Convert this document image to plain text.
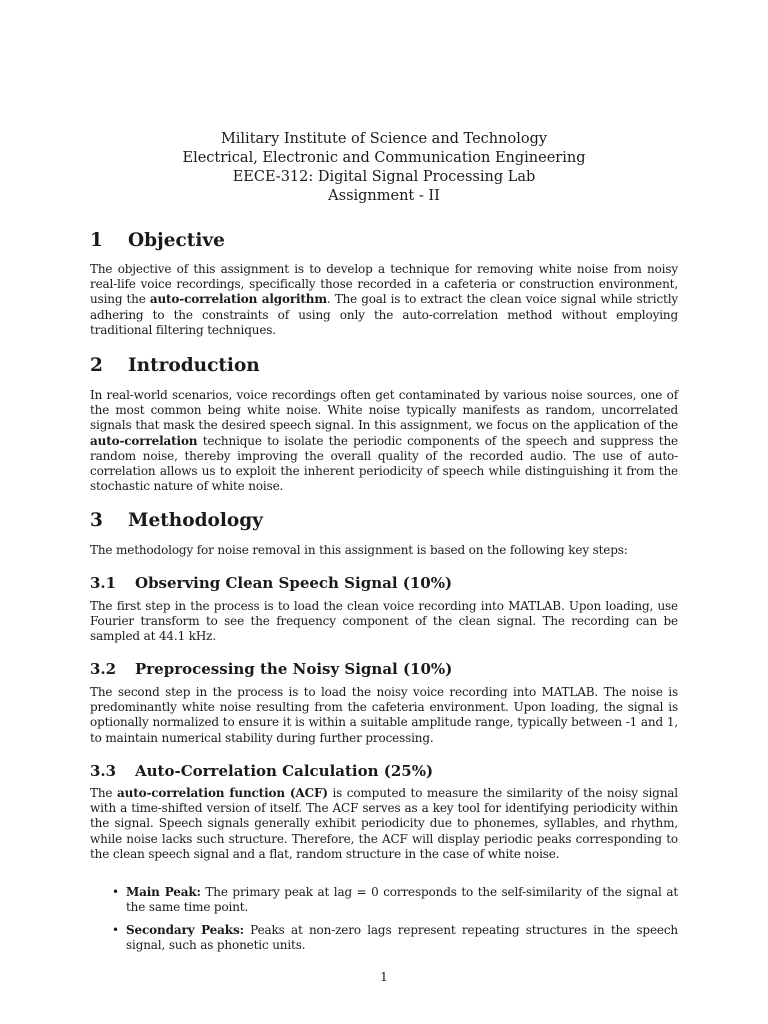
Military Institute of Science and Technology
Electrical, Electronic and Communication Engineering
EECE-312: Digital Signal Processing Lab
Assignment - II
1 Objective

The objective of this assignment is to develop a technique for removing white noise from noisy real-life voice recordings, specifically those recorded in a cafeteria or construction environment, using the auto-correlation algorithm. The goal is to extract the clean voice signal while strictly adhering to the constraints of using only the auto-correlation method without employing traditional filtering techniques.

2 Introduction

In real-world scenarios, voice recordings often get contaminated by various noise sources, one of the most common being white noise. White noise typically manifests as random, uncorrelated signals that mask the desired speech signal. In this assignment, we focus on the application of the auto-correlation technique to isolate the periodic components of the speech and suppress the random noise, thereby improving the overall quality of the recorded audio. The use of auto-correlation allows us to exploit the inherent periodicity of speech while distinguishing it from the stochastic nature of white noise.

3 Methodology

The methodology for noise removal in this assignment is based on the following key steps:

3.1 Observing Clean Speech Signal (10%)

The first step in the process is to load the clean voice recording into MATLAB. Upon loading, use Fourier transform to see the frequency component of the clean signal. The recording can be sampled at 44.1 kHz.

3.2 Preprocessing the Noisy Signal (10%)

The second step in the process is to load the noisy voice recording into MATLAB. The noise is predominantly white noise resulting from the cafeteria environment. Upon loading, the signal is optionally normalized to ensure it is within a suitable amplitude range, typically between -1 and 1, to maintain numerical stability during further processing.

3.3 Auto-Correlation Calculation (25%)

The auto-correlation function (ACF) is computed to measure the similarity of the noisy signal with a time-shifted version of itself. The ACF serves as a key tool for identifying periodicity within the signal. Speech signals generally exhibit periodicity due to phonemes, syllables, and rhythm, while noise lacks such structure. Therefore, the ACF will display periodic peaks corresponding to the clean speech signal and a flat, random structure in the case of white noise.

• Main Peak: The primary peak at lag = 0 corresponds to the self-similarity of the signal at the same time point.

• Secondary Peaks: Peaks at non-zero lags represent repeating structures in the speech signal, such as phonetic units.

1
